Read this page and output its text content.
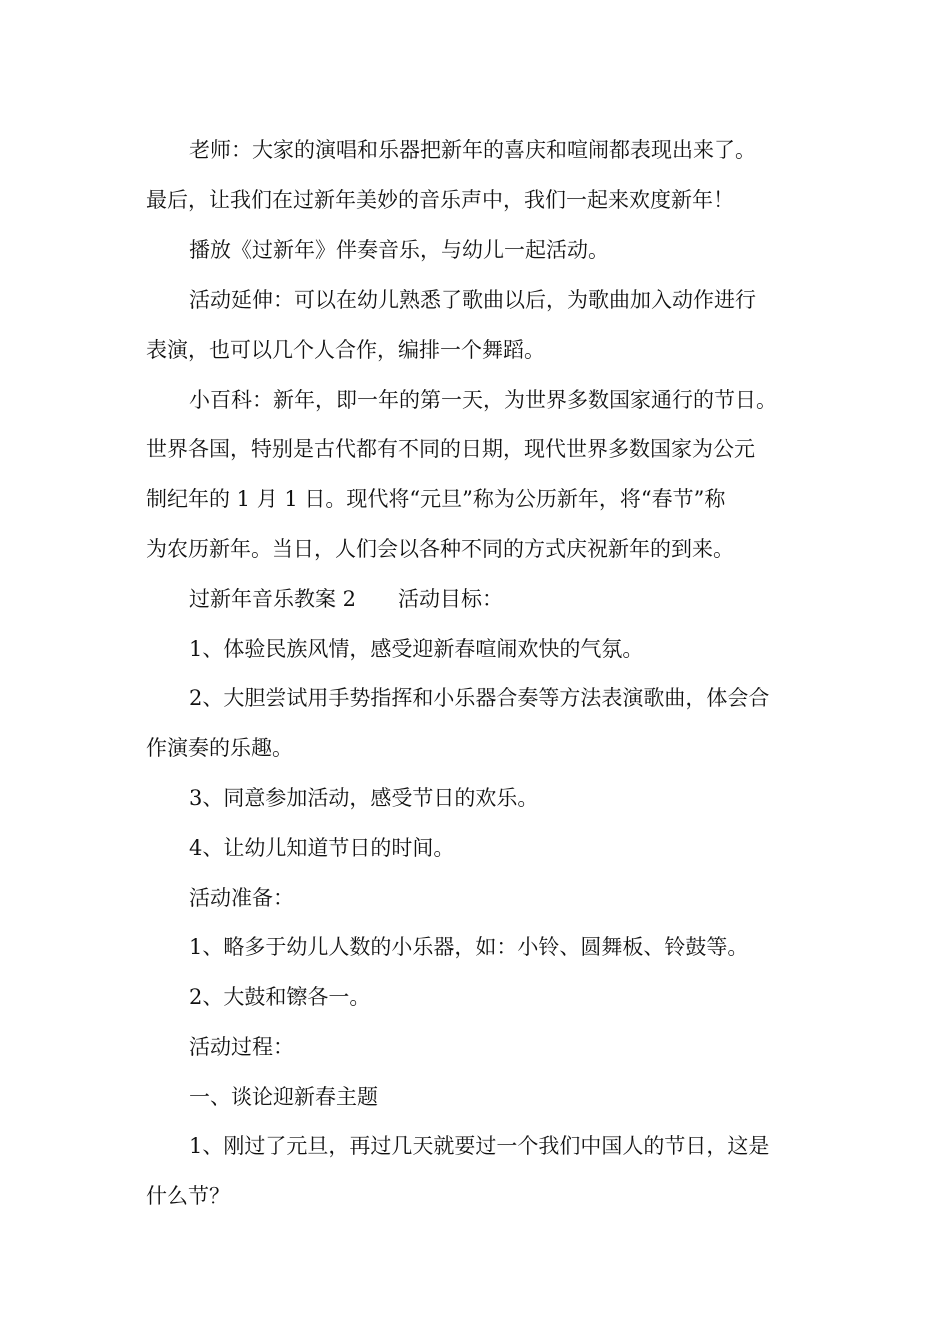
老师：大家的演唱和乐器把新年的喜庆和喧闹都表现出来了。
最后，让我们在过新年美妙的音乐声中，我们一起来欢度新年！
播放《过新年》伴奏音乐，与幼儿一起活动。
活动延伸：可以在幼儿熟悉了歌曲以后，为歌曲加入动作进行
表演，也可以几个人合作，编排一个舞蹈。
小百科：新年，即一年的第一天，为世界多数国家通行的节日。
世界各国，特别是古代都有不同的日期，现代世界多数国家为公元
制纪年的 1 月 1 日。现代将“元旦”称为公历新年，将“春节”称
为农历新年。当日，人们会以各种不同的方式庆祝新年的到来。
过新年音乐教案 2　　活动目标：
1、体验民族风情，感受迎新春喧闹欢快的气氛。
2、大胆尝试用手势指挥和小乐器合奏等方法表演歌曲，体会合
作演奏的乐趣。
3、同意参加活动，感受节日的欢乐。
4、让幼儿知道节日的时间。
活动准备：
1、略多于幼儿人数的小乐器，如：小铃、圆舞板、铃鼓等。
2、大鼓和镲各一。
活动过程：
一、谈论迎新春主题
1、刚过了元旦，再过几天就要过一个我们中国人的节日，这是
什么节？
